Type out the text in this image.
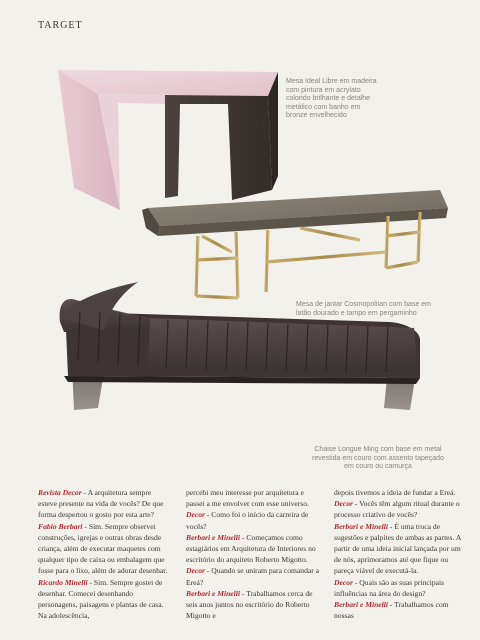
TARGET
Mesa Ideal Libre em madeira
com pintura em acrylato
colorido brilhante e detalhe
metálico com banho em
bronze envelhecido
Mesa de jantar Cosmopolitan com base em
latão dourado e tampo em pergaminho
Chaise Longue Ming com base em metal
revestida em couro com assento tapeçado
em couro ou camurça

Revista Decor - A arquitetura sempre esteve presente na vida de vocês? De que forma despertou o gosto por esta arte?

Fabio Berbari - Sim. Sempre observei construções, igrejas e outras obras desde criança, além de executar maquetes com qualquer tipo de caixa ou embalagem que fosse para o lixo, além de adorar desenhar.

Ricardo Minelli - Sim. Sempre gostei de desenhar. Comecei desenhando personagens, paisagens e plantas de casa. Na adolescência,

percebi meu interesse por arquitetura e passei a me envolver com esse universo.

Decor - Como foi o início da carreira de vocês?

Berbari e Minelli - Começamos como estagiários em Arquitetura de Interiores no escritório do arquiteto Roberto Migotto.

Decor - Quando se uniram para comandar a Ereá?

Berbari e Minelli - Trabalhamos cerca de seis anos juntos no escritório do Roberto Migotto e

depois tivemos a ideia de fundar a Ereá.

Decor - Vocês têm algum ritual durante o processo criativo de vocês?

Berbari e Minelli - É uma troca de sugestões e palpites de ambas as partes. A partir de uma ideia inicial lançada por um de nós, aprimoramos até que fique ou pareça viável de executá-la.

Decor - Quais são as suas principais influências na área do design?

Berbari e Minelli - Trabalhamos com nossas
